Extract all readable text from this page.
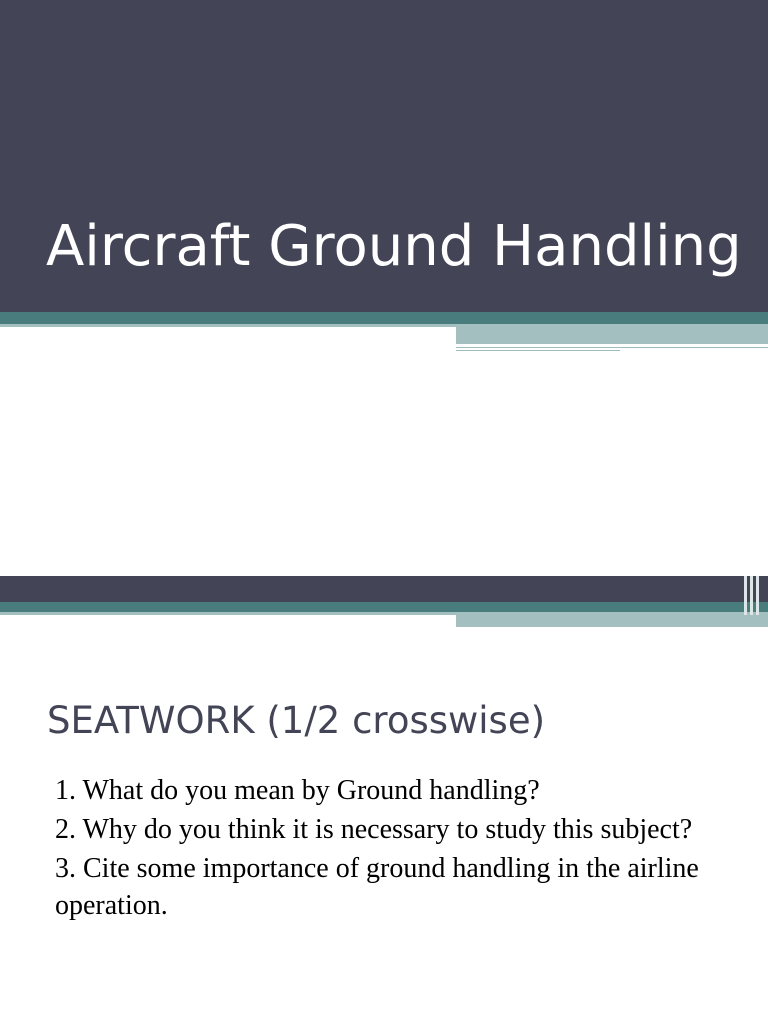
Aircraft Ground Handling
SEATWORK (1/2 crosswise)
1. What do you mean by Ground handling?
2. Why do you think it is necessary to study this subject?
3. Cite some importance of ground handling in the airline operation.
